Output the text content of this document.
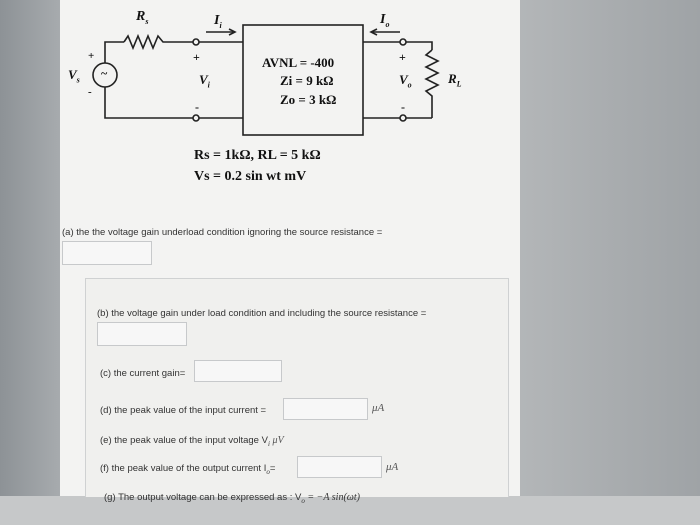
$R_s$
$V_s$
~
+
-
$I_i$	$I_o$
+
$V_i$
-
+
$V_o$
-
$R_L$
AVNL = -400
Zi = 9 kΩ
Zo = 3 kΩ
Rs = 1kΩ, RL = 5 kΩ
Vs = 0.2 sin wt mV
(a) the the voltage gain underload condition ignoring the source resistance =
(b) the voltage gain under load condition and including the source resistance =
(c) the current gain=
(d) the peak value of the input current =	μA
(e) the peak value of the input voltage $V_i$ μV
(f) the peak value of the output current $I_o=$	μA
(g) The output voltage can be expressed as : $V_o = -A$ sin(ωt)
